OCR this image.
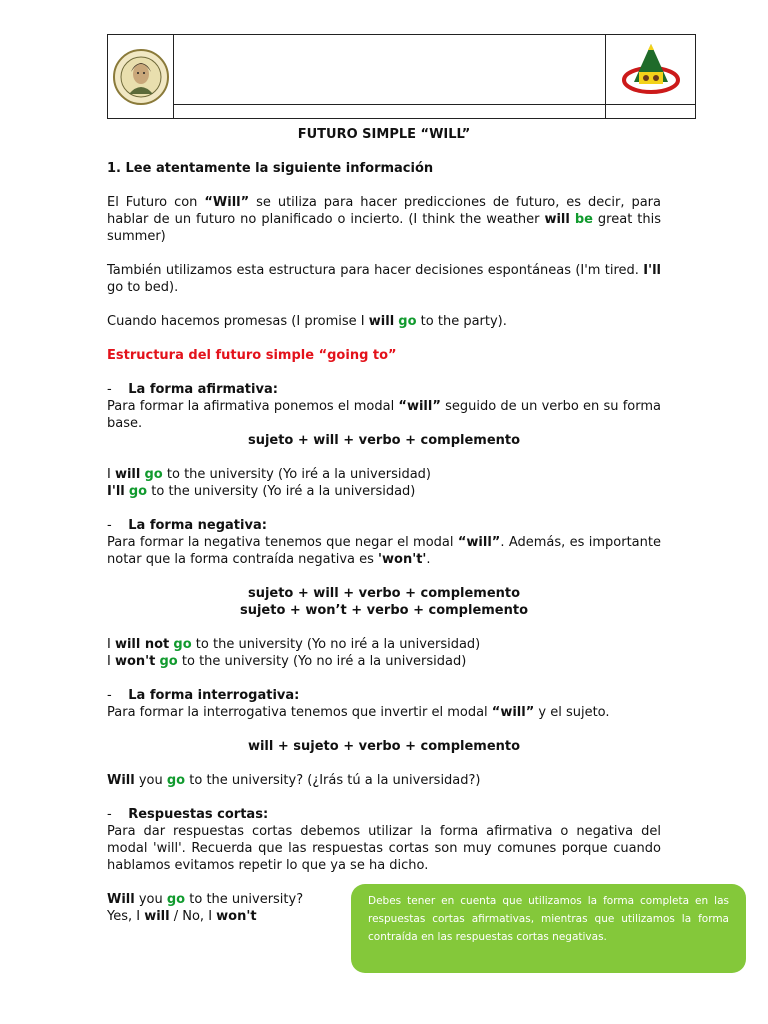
FUTURO SIMPLE “WILL”

1. Lee atentamente la siguiente información

El Futuro con “Will” se utiliza para hacer predicciones de futuro, es decir, para hablar de un futuro no planificado o incierto. (I think the weather will be great this summer)

También utilizamos esta estructura para hacer decisiones espontáneas (I'm tired. I'll go to bed).

Cuando hacemos promesas (I promise I will go to the party).

Estructura del futuro simple “going to”

- La forma afirmativa:

Para formar la afirmativa ponemos el modal “will” seguido de un verbo en su forma base.

sujeto + will + verbo + complemento

I will go to the university (Yo iré a la universidad)

I'll go to the university (Yo iré a la universidad)

- La forma negativa:

Para formar la negativa tenemos que negar el modal “will”. Además, es importante notar que la forma contraída negativa es 'won't'.

sujeto + will + verbo + complemento

sujeto + won’t + verbo + complemento

I will not go to the university (Yo no iré a la universidad)

I won't go to the university (Yo no iré a la universidad)

- La forma interrogativa:

Para formar la interrogativa tenemos que invertir el modal “will” y el sujeto.

will + sujeto + verbo + complemento

Will you go to the university? (¿Irás tú a la universidad?)

- Respuestas cortas:

Para dar respuestas cortas debemos utilizar la forma afirmativa o negativa del modal 'will'. Recuerda que las respuestas cortas son muy comunes porque cuando hablamos evitamos repetir lo que ya se ha dicho.

Will you go to the university?

Yes, I will / No, I won't

Debes tener en cuenta que utilizamos la forma completa en las respuestas cortas afirmativas, mientras que utilizamos la forma contraída en las respuestas cortas negativas.
